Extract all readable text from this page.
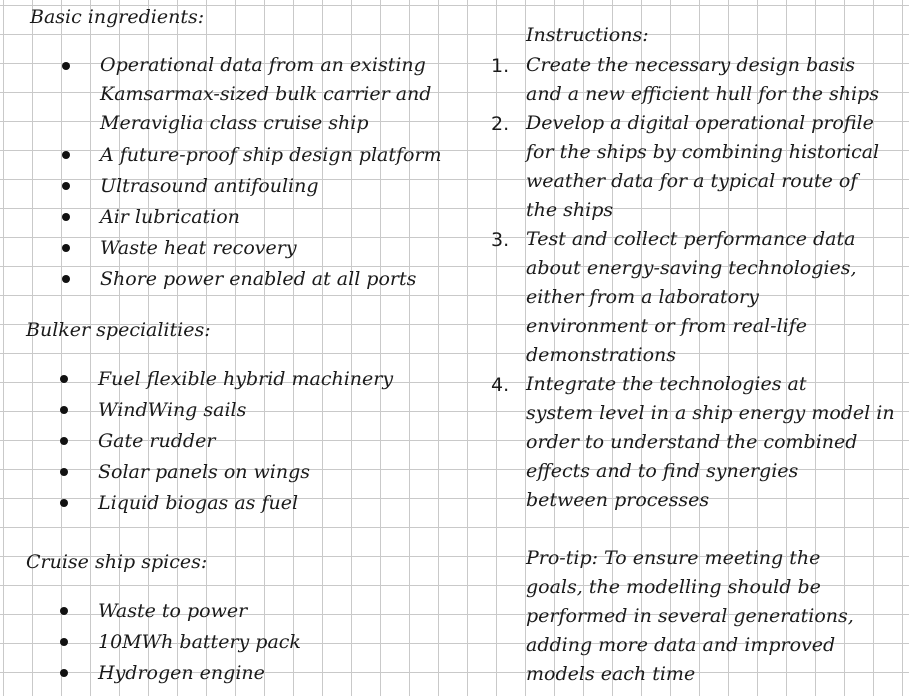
Basic ingredients:
Operational data from an existing
Kamsarmax-sized bulk carrier and
Meraviglia class cruise ship
A future-proof ship design platform
Ultrasound antifouling
Air lubrication
Waste heat recovery
Shore power enabled at all ports
Bulker specialities:
Fuel flexible hybrid machinery
WindWing sails
Gate rudder
Solar panels on wings
Liquid biogas as fuel
Cruise ship spices:
Waste to power
10MWh battery pack
Hydrogen engine
Instructions:
1. Create the necessary design basis
and a new efficient hull for the ships
2. Develop a digital operational profile
for the ships by combining historical
weather data for a typical route of
the ships
3. Test and collect performance data
about energy-saving technologies,
either from a laboratory
environment or from real-life
demonstrations
4. Integrate the technologies at
system level in a ship energy model in
order to understand the combined
effects and to find synergies
between processes
Pro-tip: To ensure meeting the
goals, the modelling should be
performed in several generations,
adding more data and improved
models each time
